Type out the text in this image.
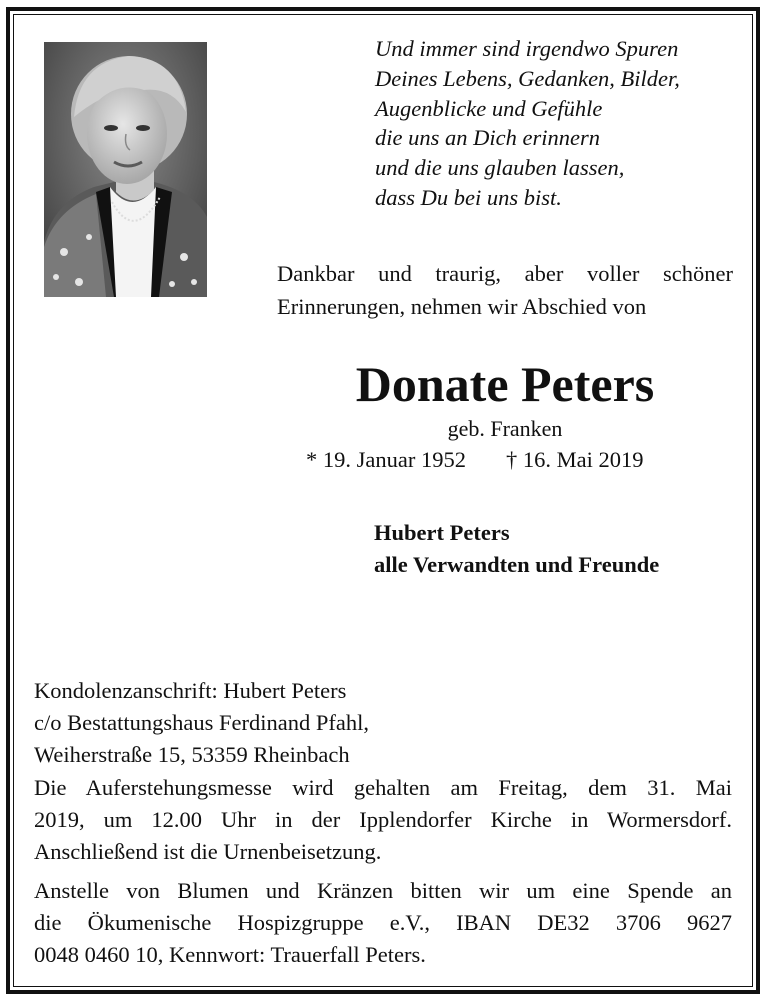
Und immer sind irgendwo Spuren
Deines Lebens, Gedanken, Bilder,
Augenblicke und Gefühle
die uns an Dich erinnern
und die uns glauben lassen,
dass Du bei uns bist.
Dankbar und traurig, aber voller schöner
Erinnerungen, nehmen wir Abschied von
Donate Peters
geb. Franken
* 19. Januar 1952 † 16. Mai 2019
Hubert Peters
alle Verwandten und Freunde
Kondolenzanschrift: Hubert Peters
c/o Bestattungshaus Ferdinand Pfahl,
Weiherstraße 15, 53359 Rheinbach
Die Auferstehungsmesse wird gehalten am Freitag, dem 31. Mai
2019, um 12.00 Uhr in der Ipplendorfer Kirche in Wormersdorf.
Anschließend ist die Urnenbeisetzung.
Anstelle von Blumen und Kränzen bitten wir um eine Spende an
die Ökumenische Hospizgruppe e.V., IBAN DE32 3706 9627
0048 0460 10, Kennwort: Trauerfall Peters.
